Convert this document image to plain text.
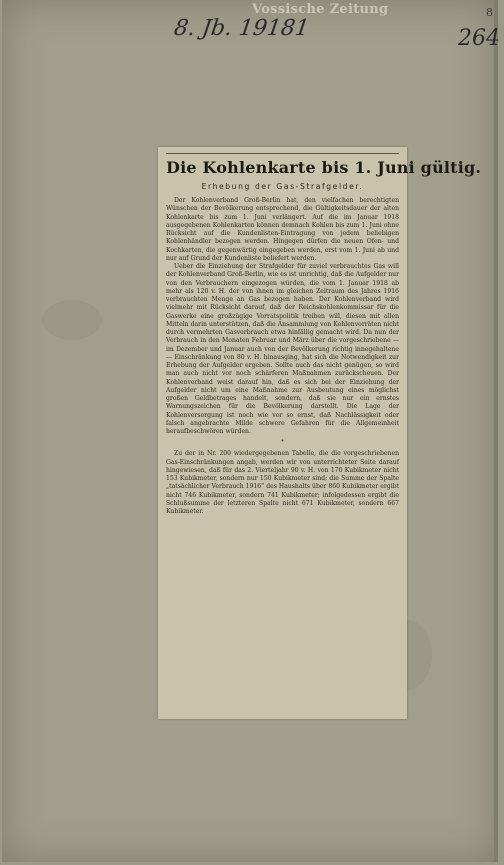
Vossische Zeitung
8. Jb. 19181	264
8
Die Kohlenkarte bis 1. Juni gültig.
Erhebung der Gas-Strafgelder.

Der Kohlenverband Groß-Berlin hat, den vielfachen berechtigten Wünschen der Bevölkerung entsprechend, die Gültigkeitsdauer der alten Kohlenkarte bis zum 1. Juni verlängert. Auf die im Januar 1918 ausgegebenen Kohlenkarten können demnach Kohlen bis zum 1. Juni ohne Rücksicht auf die Kundenlisten-Eintragung von jedem beliebigen Kohlenhändler bezogen werden. Hingegen dürfen die neuen Ofen- und Kochkarten, die gegenwärtig eingegeben werden, erst vom 1. Juni ab und nur auf Grund der Kundenliste beliefert werden.

Ueber die Einziehung der Strafgelder für zuviel verbrauchtes Gas will der Kohlenverband Groß-Berlin, wie es ist unrichtig, daß die Aufgelder nur von den Verbrauchern eingezogen würden, die vom 1. Januar 1918 ab mehr als 120 v. H. der von ihnen im gleichen Zeitraum des Jahres 1916 verbrauchten Menge an Gas bezogen haben. Der Kohlenverband wird vielmehr mit Rücksicht darauf, daß der Reichskohlenkommissar für die Gaswerke eine großzügige Vorratspolitik treiben will, diesen mit allen Mitteln darin unterstützen, daß die Ansammlung von Kohlenvorräten nicht durch vermehrten Gasverbrauch etwa hinfällig gemacht wird. Da nun der Verbrauch in den Monaten Februar und März über die vorgeschriebene — im Dezember und Januar auch von der Bevölkerung richtig innegehaltene — Einschränkung von 80 v. H. hinausging, hat sich die Notwendigkeit zur Erhebung der Aufgelder ergeben. Sollte auch das nicht genügen, so wird man auch nicht vor noch schärferen Maßnahmen zurückscheuen. Der Kohlenverband weist darauf hin, daß es sich bei der Einziehung der Aufgelder nicht um eine Maßnahme zur Ausbeutung eines möglichst großen Geldbetrages handelt, sondern, daß sie nur ein ernstes Warnungszeichen für die Bevölkerung darstellt. Die Lage der Kohlenversorgung ist noch wie vor so ernst, daß Nachlässigkeit oder falsch angebrachte Milde schwere Gefahren für die Allgemeinheit heraufbeschwören würden.

•

Zu der in Nr. 200 wiedergegebenen Tabelle, die die vorgeschriebenen Gas-Einschränkungen angab, werden wir von unterrichteter Seite darauf hingewiesen, daß für das 2. Vierteljahr 90 v. H. von 170 Kubikmeter nicht 153 Kubikmeter, sondern nur 150 Kubikmeter sind; die Summe der Spalte „tatsächlicher Verbrauch 1916“ des Haushalts über 860 Kubikmeter ergibt nicht 746 Kubikmeter, sondern 741 Kubikmeter; infolgedessen ergibt die Schlußsumme der letzteren Spalte nicht 671 Kubikmeter, sondern 667 Kubikmeter.
